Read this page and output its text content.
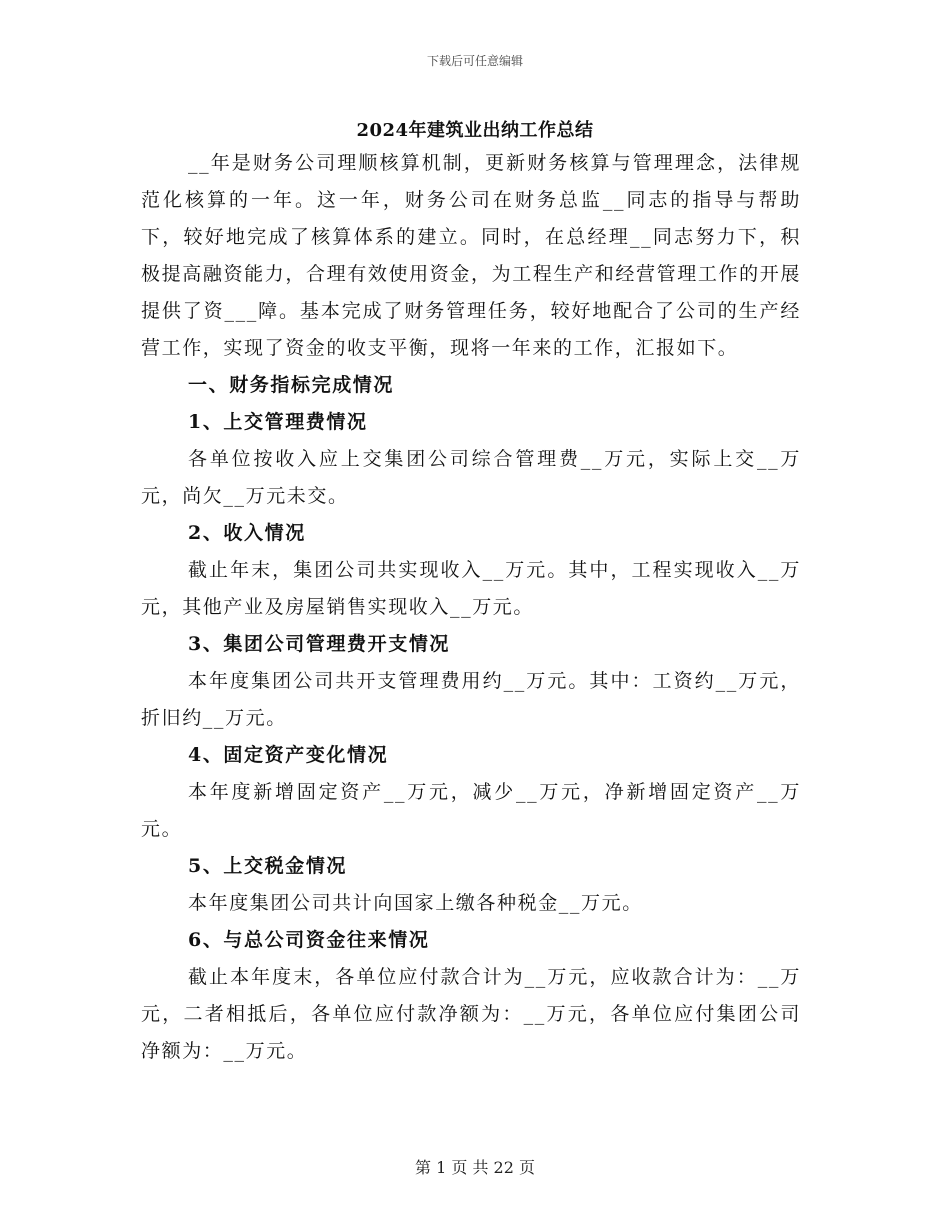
下载后可任意编辑
2024年建筑业出纳工作总结

__年是财务公司理顺核算机制，更新财务核算与管理理念，法律规范化核算的一年。这一年，财务公司在财务总监__同志的指导与帮助下，较好地完成了核算体系的建立。同时，在总经理__同志努力下，积极提高融资能力，合理有效使用资金，为工程生产和经营管理工作的开展提供了资___障。基本完成了财务管理任务，较好地配合了公司的生产经营工作，实现了资金的收支平衡，现将一年来的工作，汇报如下。

一、财务指标完成情况

1、上交管理费情况

各单位按收入应上交集团公司综合管理费__万元，实际上交__万元，尚欠__万元未交。

2、收入情况

截止年末，集团公司共实现收入__万元。其中，工程实现收入__万元，其他产业及房屋销售实现收入__万元。

3、集团公司管理费开支情况

本年度集团公司共开支管理费用约__万元。其中：工资约__万元，折旧约__万元。

4、固定资产变化情况

本年度新增固定资产__万元，减少__万元，净新增固定资产__万元。

5、上交税金情况

本年度集团公司共计向国家上缴各种税金__万元。

6、与总公司资金往来情况

截止本年度末，各单位应付款合计为__万元，应收款合计为：__万元，二者相抵后，各单位应付款净额为：__万元，各单位应付集团公司净额为：__万元。

第 1 页 共 22 页
